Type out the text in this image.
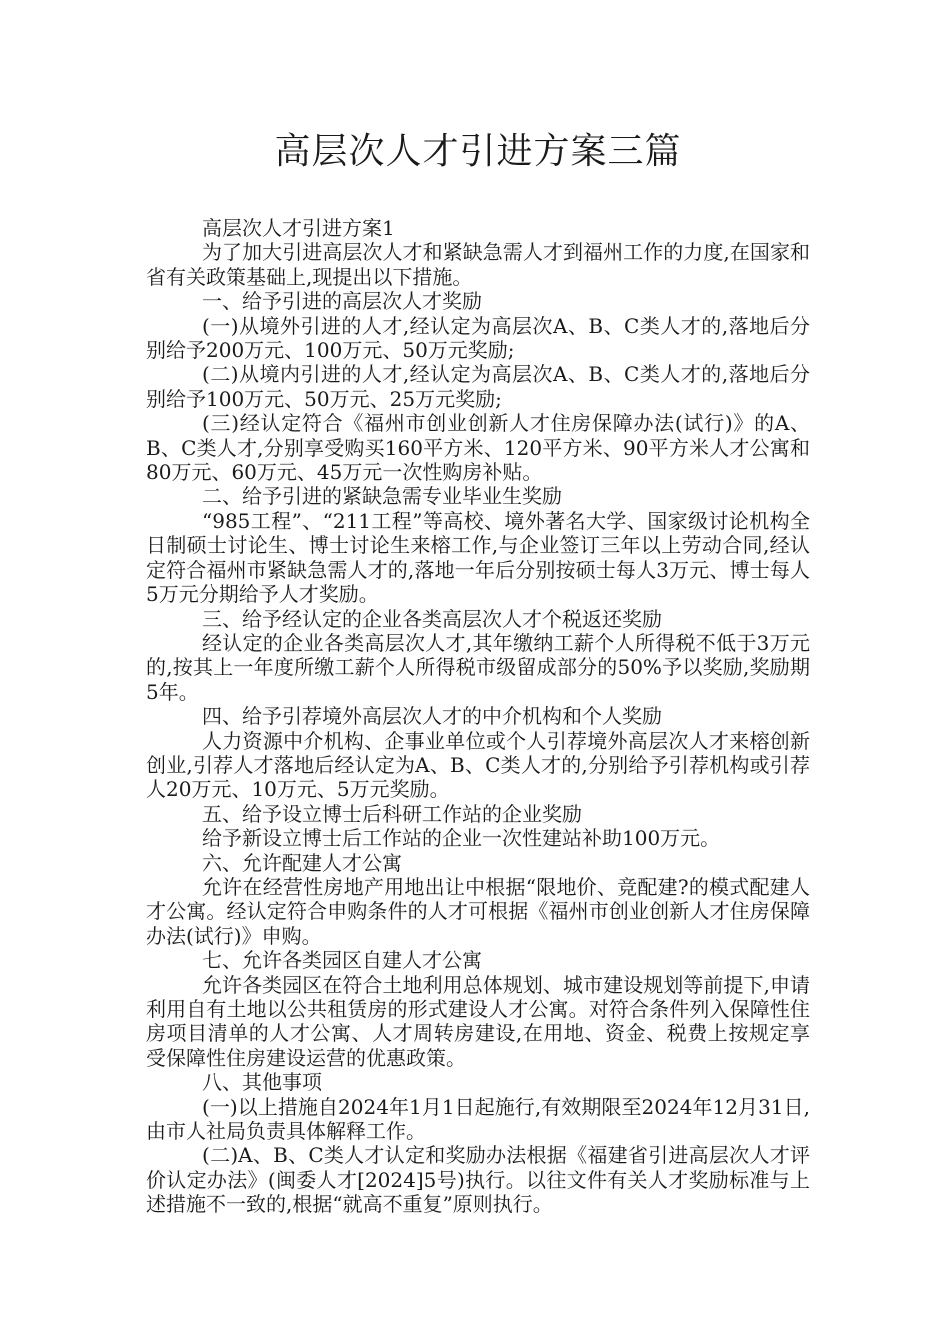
高层次人才引进方案三篇

高层次人才引进方案1

为了加大引进高层次人才和紧缺急需人才到福州工作的力度,在国家和省有关政策基础上,现提出以下措施。

一、给予引进的高层次人才奖励

(一)从境外引进的人才,经认定为高层次A、B、C类人才的,落地后分别给予200万元、100万元、50万元奖励;

(二)从境内引进的人才,经认定为高层次A、B、C类人才的,落地后分别给予100万元、50万元、25万元奖励;

(三)经认定符合《福州市创业创新人才住房保障办法(试行)》的A、B、C类人才,分别享受购买160平方米、120平方米、90平方米人才公寓和80万元、60万元、45万元一次性购房补贴。

二、给予引进的紧缺急需专业毕业生奖励

“985工程”、“211工程”等高校、境外著名大学、国家级讨论机构全日制硕士讨论生、博士讨论生来榕工作,与企业签订三年以上劳动合同,经认定符合福州市紧缺急需人才的,落地一年后分别按硕士每人3万元、博士每人5万元分期给予人才奖励。

三、给予经认定的企业各类高层次人才个税返还奖励

经认定的企业各类高层次人才,其年缴纳工薪个人所得税不低于3万元的,按其上一年度所缴工薪个人所得税市级留成部分的50%予以奖励,奖励期5年。

四、给予引荐境外高层次人才的中介机构和个人奖励

人力资源中介机构、企事业单位或个人引荐境外高层次人才来榕创新创业,引荐人才落地后经认定为A、B、C类人才的,分别给予引荐机构或引荐人20万元、10万元、5万元奖励。

五、给予设立博士后科研工作站的企业奖励

给予新设立博士后工作站的企业一次性建站补助100万元。

六、允许配建人才公寓

允许在经营性房地产用地出让中根据“限地价、竞配建?的模式配建人才公寓。经认定符合申购条件的人才可根据《福州市创业创新人才住房保障办法(试行)》申购。

七、允许各类园区自建人才公寓

允许各类园区在符合土地利用总体规划、城市建设规划等前提下,申请利用自有土地以公共租赁房的形式建设人才公寓。对符合条件列入保障性住房项目清单的人才公寓、人才周转房建设,在用地、资金、税费上按规定享受保障性住房建设运营的优惠政策。

八、其他事项

(一)以上措施自2024年1月1日起施行,有效期限至2024年12月31日,由市人社局负责具体解释工作。

(二)A、B、C类人才认定和奖励办法根据《福建省引进高层次人才评价认定办法》(闽委人才[2024]5号)执行。以往文件有关人才奖励标准与上述措施不一致的,根据“就高不重复”原则执行。
